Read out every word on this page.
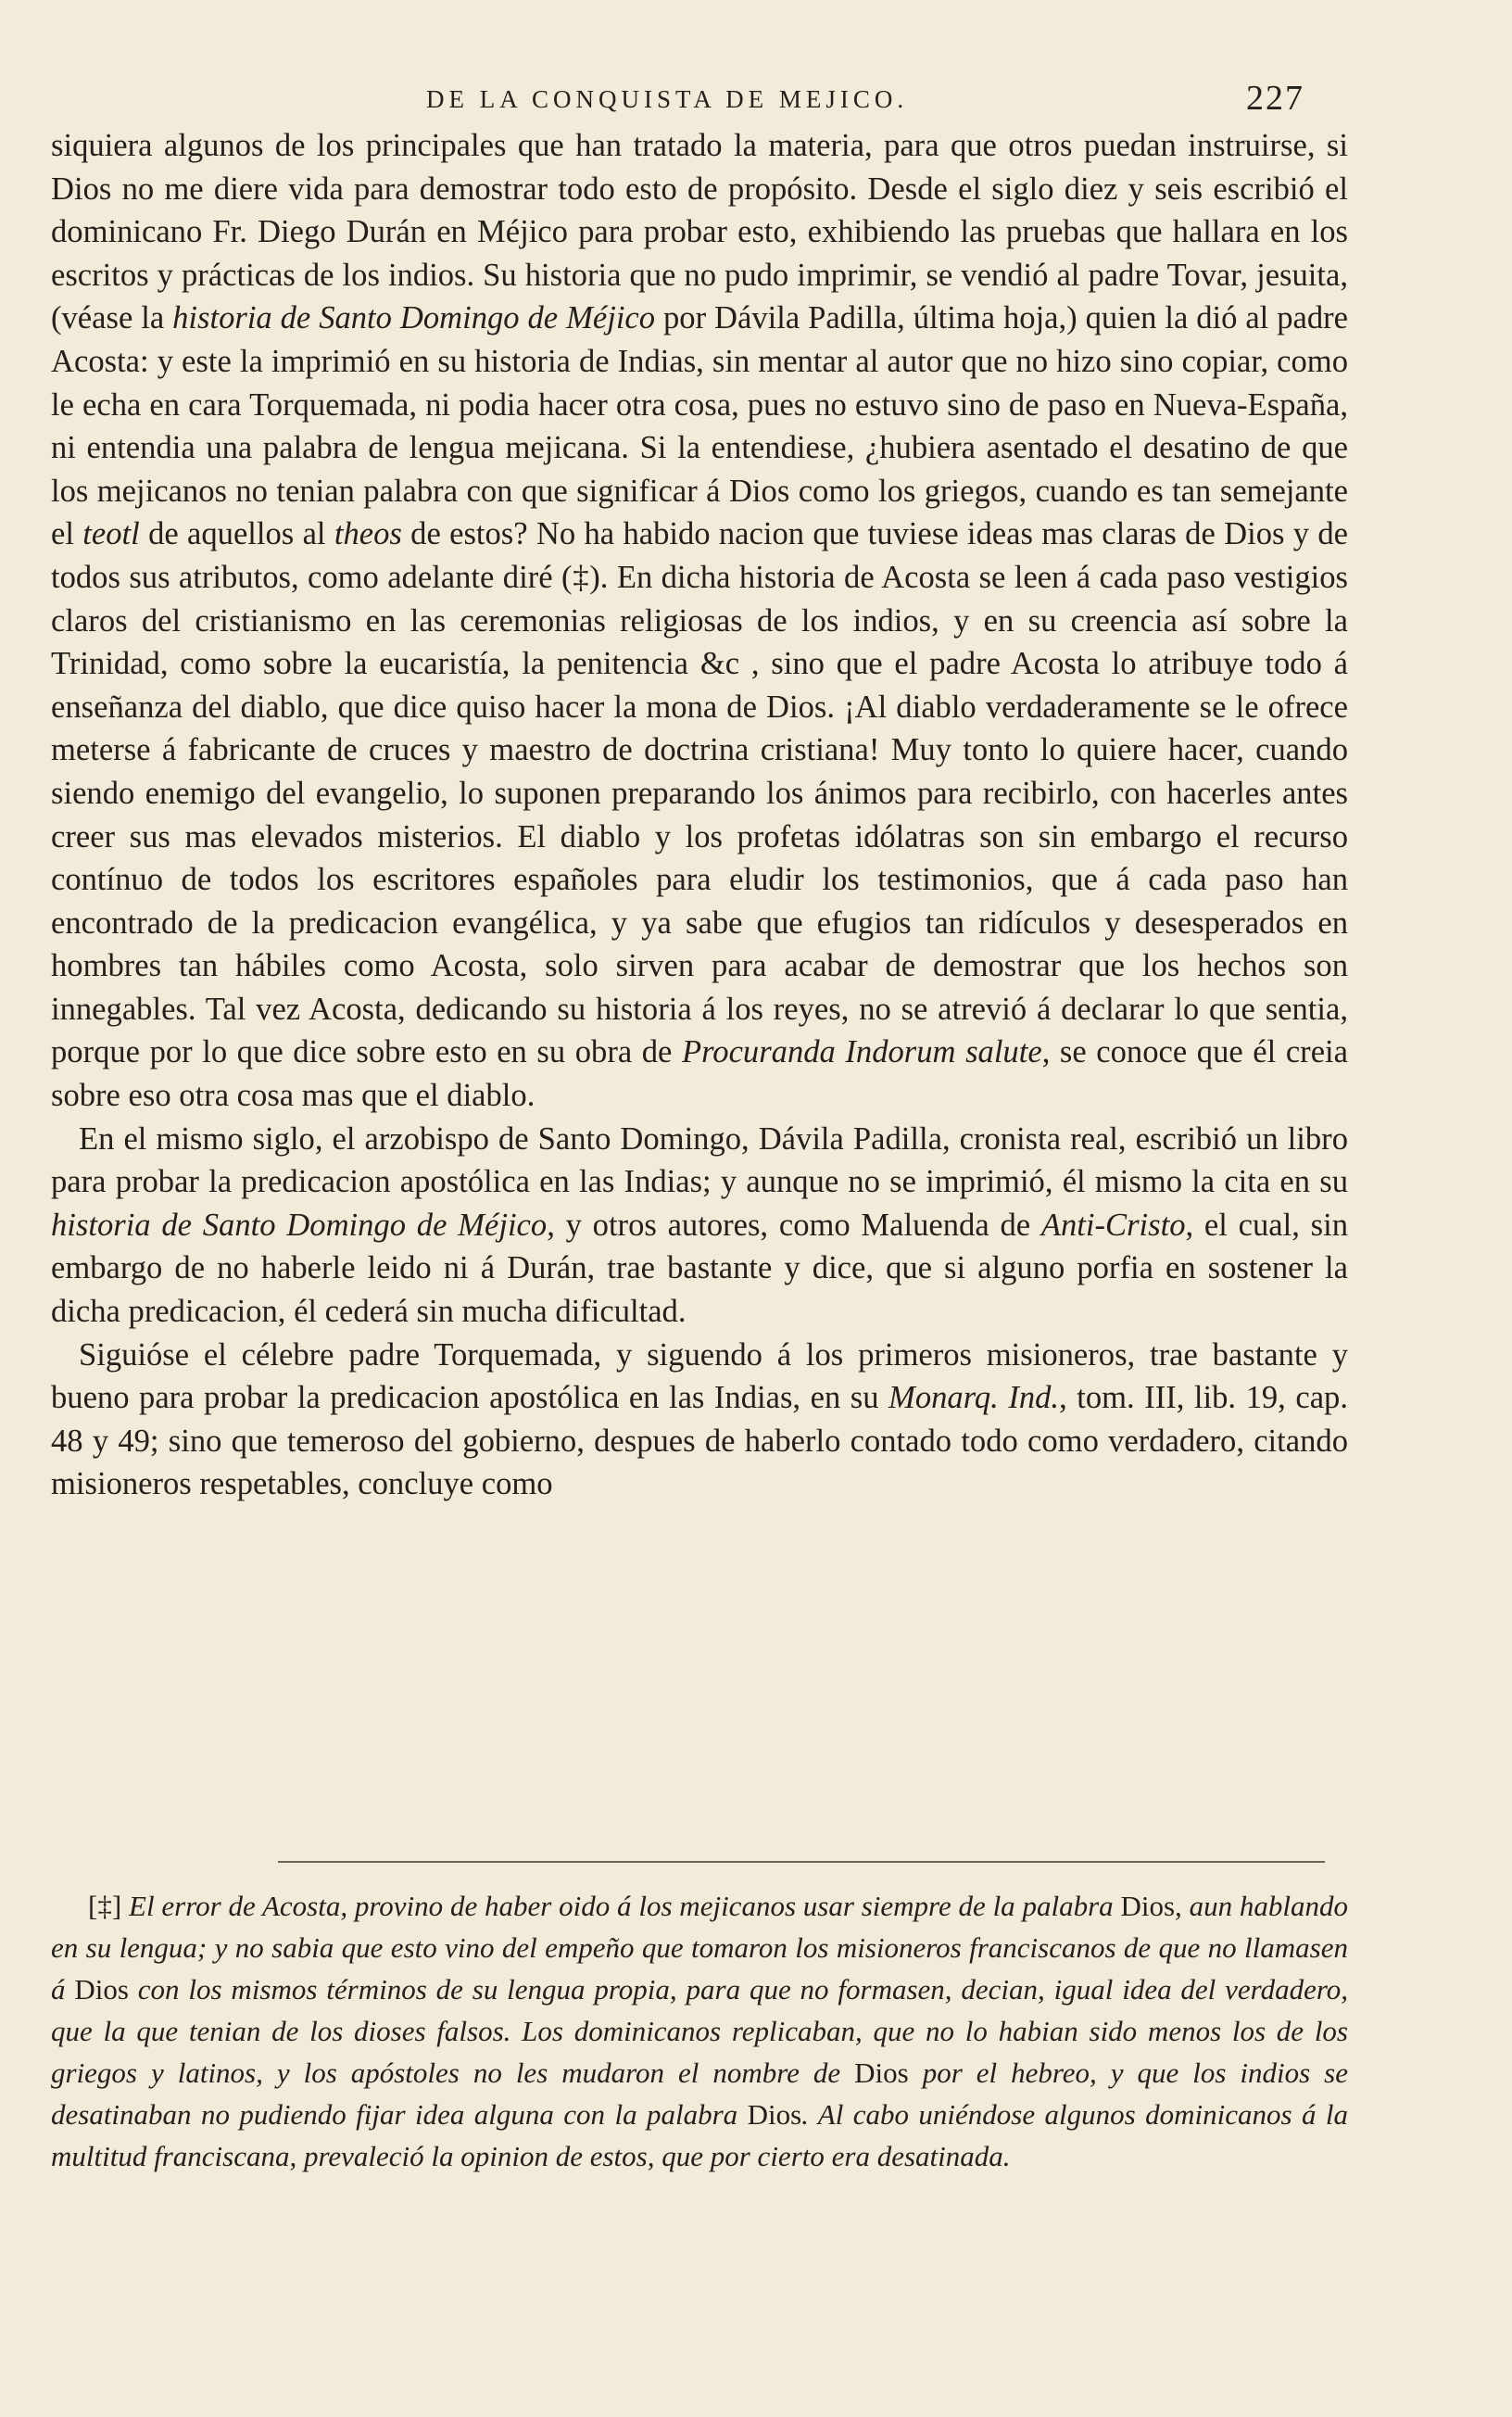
DE LA CONQUISTA DE MEJICO.	227

siquiera algunos de los principales que han tratado la materia, para que otros puedan instruirse, si Dios no me diere vida para demostrar todo esto de propósito. Desde el siglo diez y seis escribió el dominicano Fr. Diego Durán en Méjico para probar esto, exhibiendo las pruebas que hallara en los escritos y prácticas de los indios. Su historia que no pudo imprimir, se vendió al padre Tovar, jesuita, (véase la historia de Santo Domingo de Méjico por Dávila Padilla, última hoja,) quien la dió al padre Acosta: y este la imprimió en su historia de Indias, sin mentar al autor que no hizo sino copiar, como le echa en cara Torquemada, ni podia hacer otra cosa, pues no estuvo sino de paso en Nueva-España, ni entendia una palabra de lengua mejicana. Si la entendiese, ¿hubiera asentado el desatino de que los mejicanos no tenian palabra con que significar á Dios como los griegos, cuando es tan semejante el teotl de aquellos al theos de estos? No ha habido nacion que tuviese ideas mas claras de Dios y de todos sus atributos, como adelante diré (‡). En dicha historia de Acosta se leen á cada paso vestigios claros del cristianismo en las ceremonias religiosas de los indios, y en su creencia así sobre la Trinidad, como sobre la eucaristía, la penitencia &c , sino que el padre Acosta lo atribuye todo á enseñanza del diablo, que dice quiso hacer la mona de Dios. ¡Al diablo verdaderamente se le ofrece meterse á fabricante de cruces y maestro de doctrina cristiana! Muy tonto lo quiere hacer, cuando siendo enemigo del evangelio, lo suponen preparando los ánimos para recibirlo, con hacerles antes creer sus mas elevados misterios. El diablo y los profetas idólatras son sin embargo el recurso contínuo de todos los escritores españoles para eludir los testimonios, que á cada paso han encontrado de la predicacion evangélica, y ya sabe que efugios tan ridículos y desesperados en hombres tan hábiles como Acosta, solo sirven para acabar de demostrar que los hechos son innegables. Tal vez Acosta, dedicando su historia á los reyes, no se atrevió á declarar lo que sentia, porque por lo que dice sobre esto en su obra de Procuranda Indorum salute, se conoce que él creia sobre eso otra cosa mas que el diablo.

En el mismo siglo, el arzobispo de Santo Domingo, Dávila Padilla, cronista real, escribió un libro para probar la predicacion apostólica en las Indias; y aunque no se imprimió, él mismo la cita en su historia de Santo Domingo de Méjico, y otros autores, como Maluenda de Anti-Cristo, el cual, sin embargo de no haberle leido ni á Durán, trae bastante y dice, que si alguno porfia en sostener la dicha predicacion, él cederá sin mucha dificultad.

Siguióse el célebre padre Torquemada, y siguendo á los primeros misioneros, trae bastante y bueno para probar la predicacion apostólica en las Indias, en su Monarq. Ind., tom. III, lib. 19, cap. 48 y 49; sino que temeroso del gobierno, despues de haberlo contado todo como verdadero, citando misioneros respetables, concluye como

[‡] El error de Acosta, provino de haber oido á los mejicanos usar siempre de la palabra Dios, aun hablando en su lengua; y no sabia que esto vino del empeño que tomaron los misioneros franciscanos de que no llamasen á Dios con los mismos términos de su lengua propia, para que no formasen, decian, igual idea del verdadero, que la que tenian de los dioses falsos. Los dominicanos replicaban, que no lo habian sido menos los de los griegos y latinos, y los apóstoles no les mudaron el nombre de Dios por el hebreo, y que los indios se desatinaban no pudiendo fijar idea alguna con la palabra Dios. Al cabo uniéndose algunos dominicanos á la multitud franciscana, prevaleció la opinion de estos, que por cierto era desatinada.
